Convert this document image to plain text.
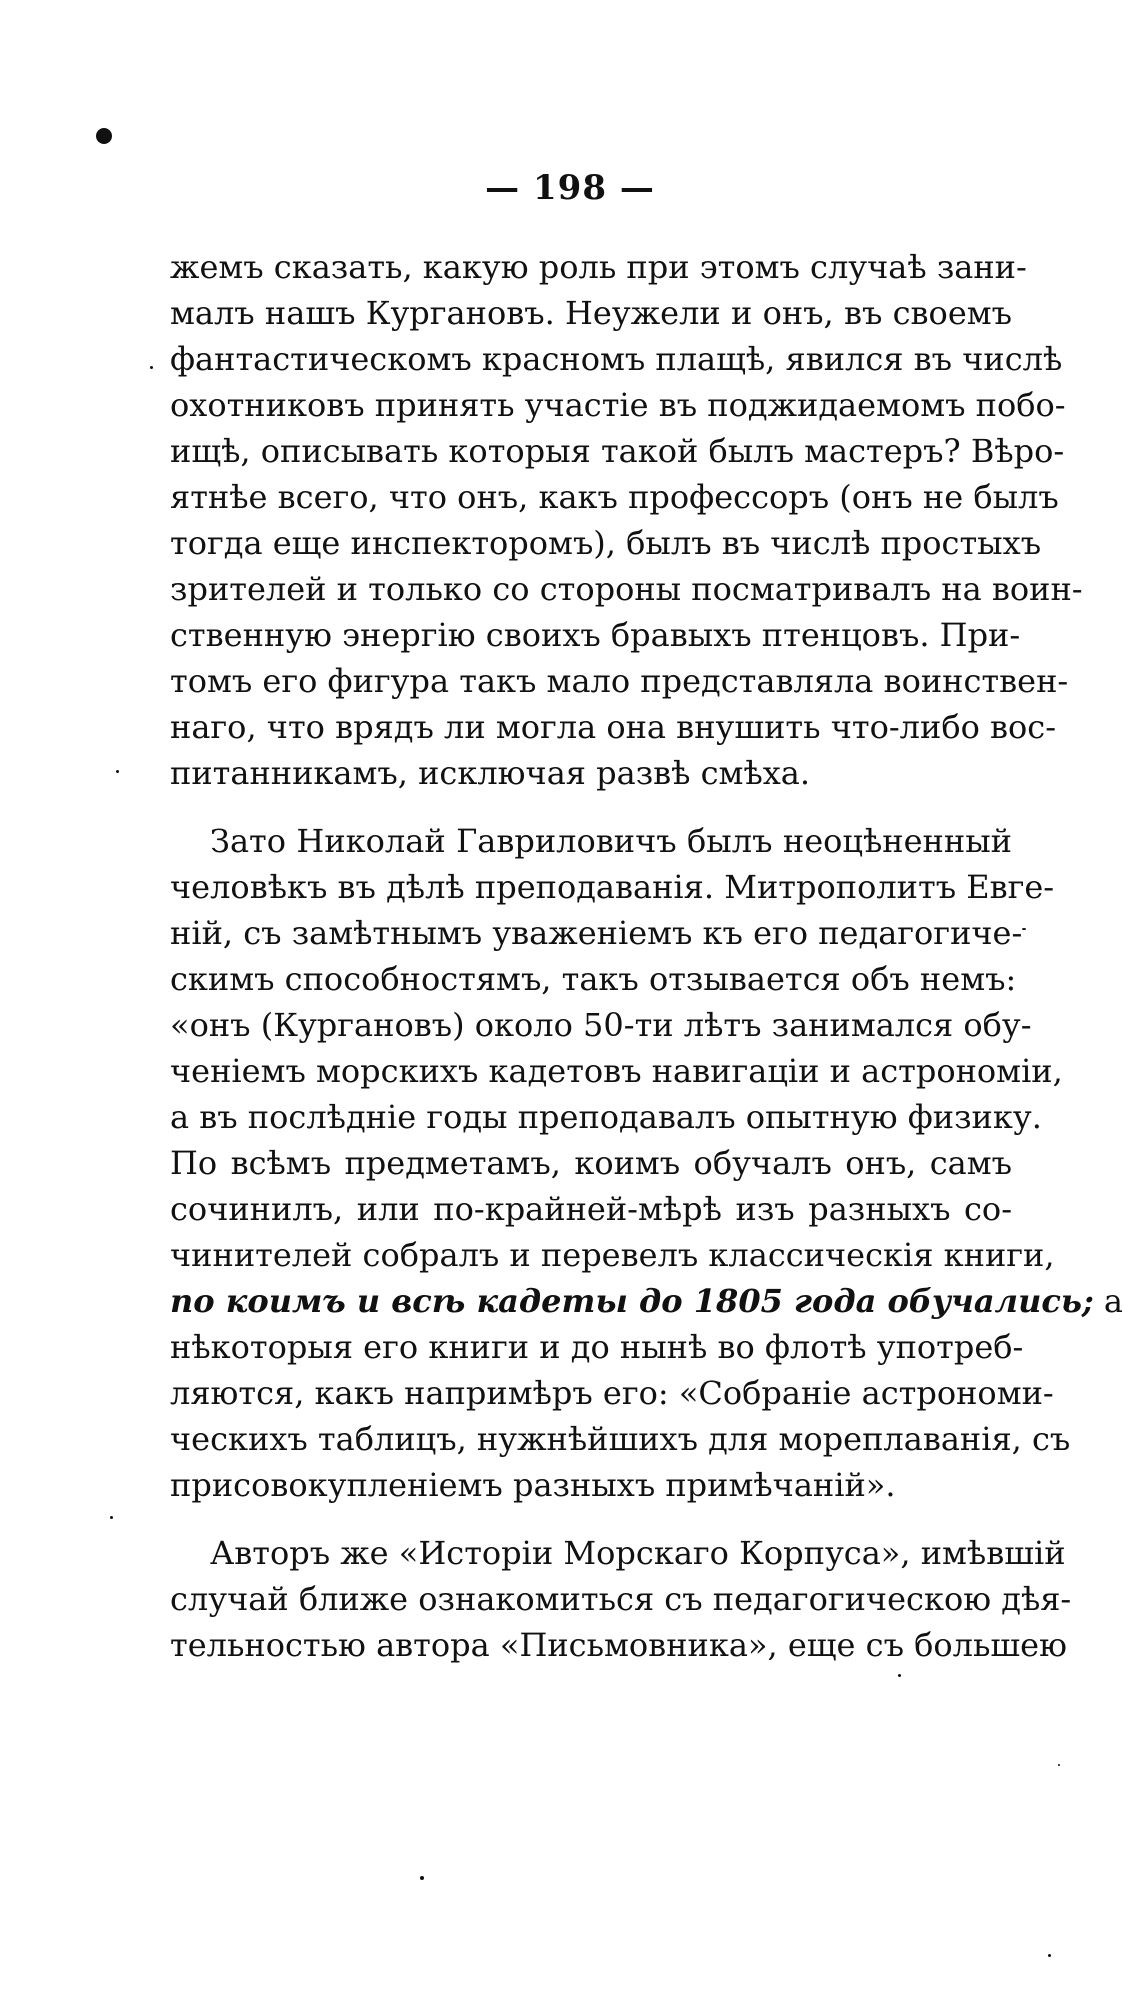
— 198 —
жемъ сказать, какую роль при этомъ случаѣ зани-
малъ нашъ Кургановъ. Неужели и онъ, въ своемъ
фантастическомъ красномъ плащѣ, явился въ числѣ
охотниковъ принять участіе въ поджидаемомъ побо-
ищѣ, описывать которыя такой былъ мастеръ? Вѣро-
ятнѣе всего, что онъ, какъ профессоръ (онъ не былъ
тогда еще инспекторомъ), былъ въ числѣ простыхъ
зрителей и только со стороны посматривалъ на воин-
ственную энергію своихъ бравыхъ птенцовъ. При-
томъ его фигура такъ мало представляла воинствен-
наго, что врядъ ли могла она внушить что-либо вос-
питанникамъ, исключая развѣ смѣха.
Зато Николай Гавриловичъ былъ неоцѣненный
человѣкъ въ дѣлѣ преподаванія. Митрополитъ Евге-
ній, съ замѣтнымъ уваженіемъ къ его педагогиче-
скимъ способностямъ, такъ отзывается объ немъ:
«онъ (Кургановъ) около 50-ти лѣтъ занимался обу-
ченіемъ морскихъ кадетовъ навигаціи и астрономіи,
а въ послѣдніе годы преподавалъ опытную физику.
По всѣмъ предметамъ, коимъ обучалъ онъ, самъ
сочинилъ, или по-крайней-мѣрѣ изъ разныхъ со-
чинителей собралъ и перевелъ классическія книги,
по коимъ и всѣ кадеты до 1805 года обучались; а
нѣкоторыя его книги и до нынѣ во флотѣ употреб-
ляются, какъ напримѣръ его: «Собраніе астрономи-
ческихъ таблицъ, нужнѣйшихъ для мореплаванія, съ
присовокупленіемъ разныхъ примѣчаній».
Авторъ же «Исторіи Морскаго Корпуса», имѣвшій
случай ближе ознакомиться съ педагогическою дѣя-
тельностью автора «Письмовника», еще съ большею
